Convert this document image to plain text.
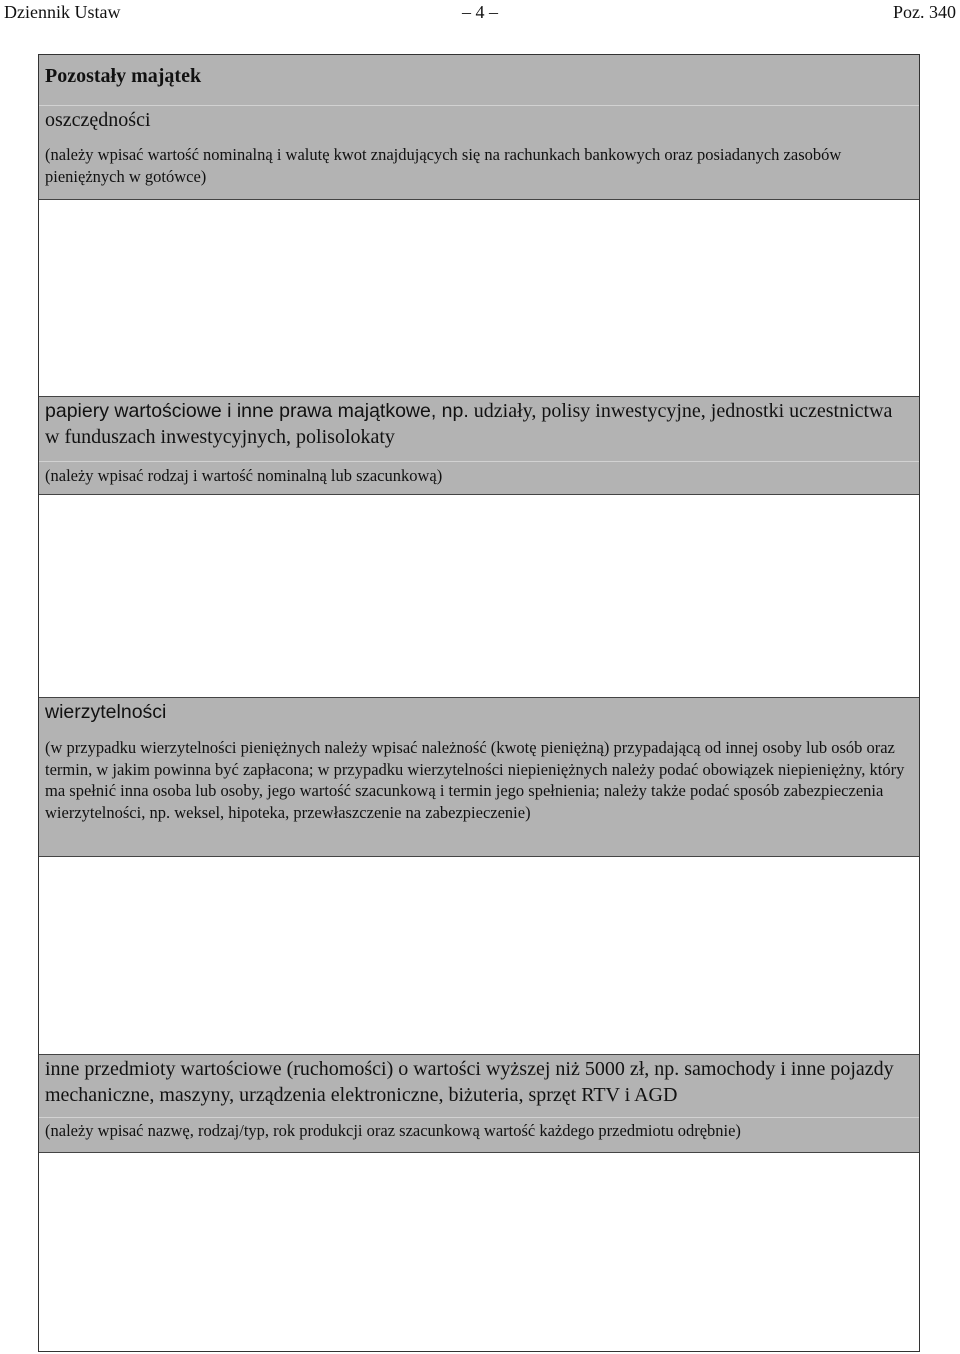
Dziennik Ustaw	– 4 –	Poz. 340

Pozostały majątek

oszczędności

(należy wpisać wartość nominalną i walutę kwot znajdujących się na rachunkach bankowych oraz posiadanych zasobów pieniężnych w gotówce)

papiery wartościowe i inne prawa majątkowe, np. udziały, polisy inwestycyjne, jednostki uczestnictwa w funduszach inwestycyjnych, polisolokaty

(należy wpisać rodzaj i wartość nominalną lub szacunkową)

wierzytelności

(w przypadku wierzytelności pieniężnych należy wpisać należność (kwotę pieniężną) przypadającą od innej osoby lub osób oraz termin, w jakim powinna być zapłacona; w przypadku wierzytelności niepieniężnych należy podać obowiązek niepieniężny, który ma spełnić inna osoba lub osoby, jego wartość szacunkową i termin jego spełnienia; należy także podać sposób zabezpieczenia wierzytelności, np. weksel, hipoteka, przewłaszczenie na zabezpieczenie)

inne przedmioty wartościowe (ruchomości) o wartości wyższej niż 5000 zł, np. samochody i inne pojazdy mechaniczne, maszyny, urządzenia elektroniczne, biżuteria, sprzęt RTV i AGD

(należy wpisać nazwę, rodzaj/typ, rok produkcji oraz szacunkową wartość każdego przedmiotu odrębnie)
